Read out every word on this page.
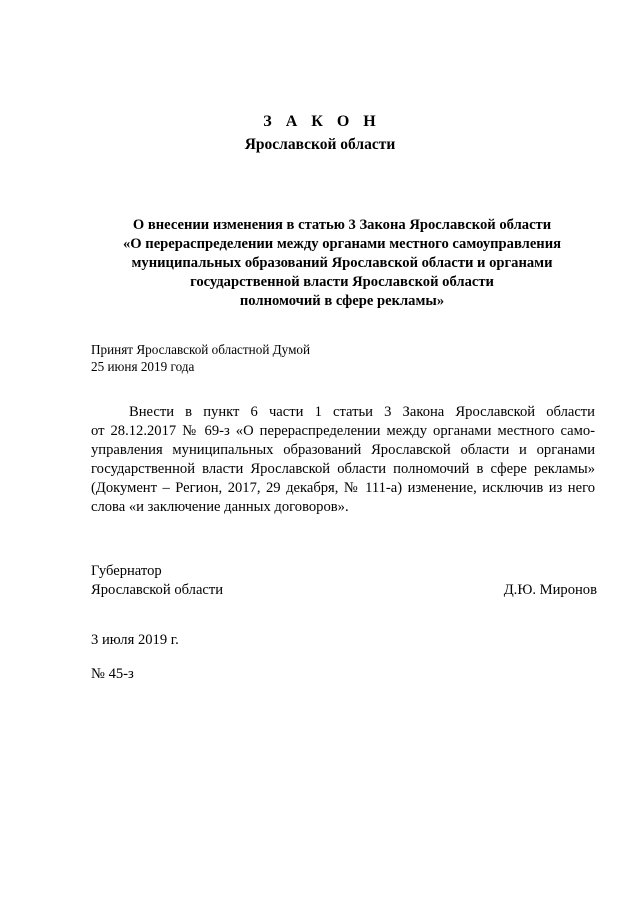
З А К О Н
Ярославской области
О внесении изменения в статью 3 Закона Ярославской области
«О перераспределении между органами местного самоуправления
муниципальных образований Ярославской области и органами
государственной власти Ярославской области
полномочий в сфере рекламы»
Принят Ярославской областной Думой
25 июня 2019 года
Внести в пункт 6 части 1 статьи 3 Закона Ярославской области
от 28.12.2017 № 69-з «О перераспределении между органами местного само-
управления муниципальных образований Ярославской области и органами
государственной власти Ярославской области полномочий в сфере рекламы»
(Документ – Регион, 2017, 29 декабря, № 111-а) изменение, исключив из него
слова «и заключение данных договоров».
Губернатор
Ярославской области	Д.Ю. Миронов
3 июля 2019 г.
№ 45-з
